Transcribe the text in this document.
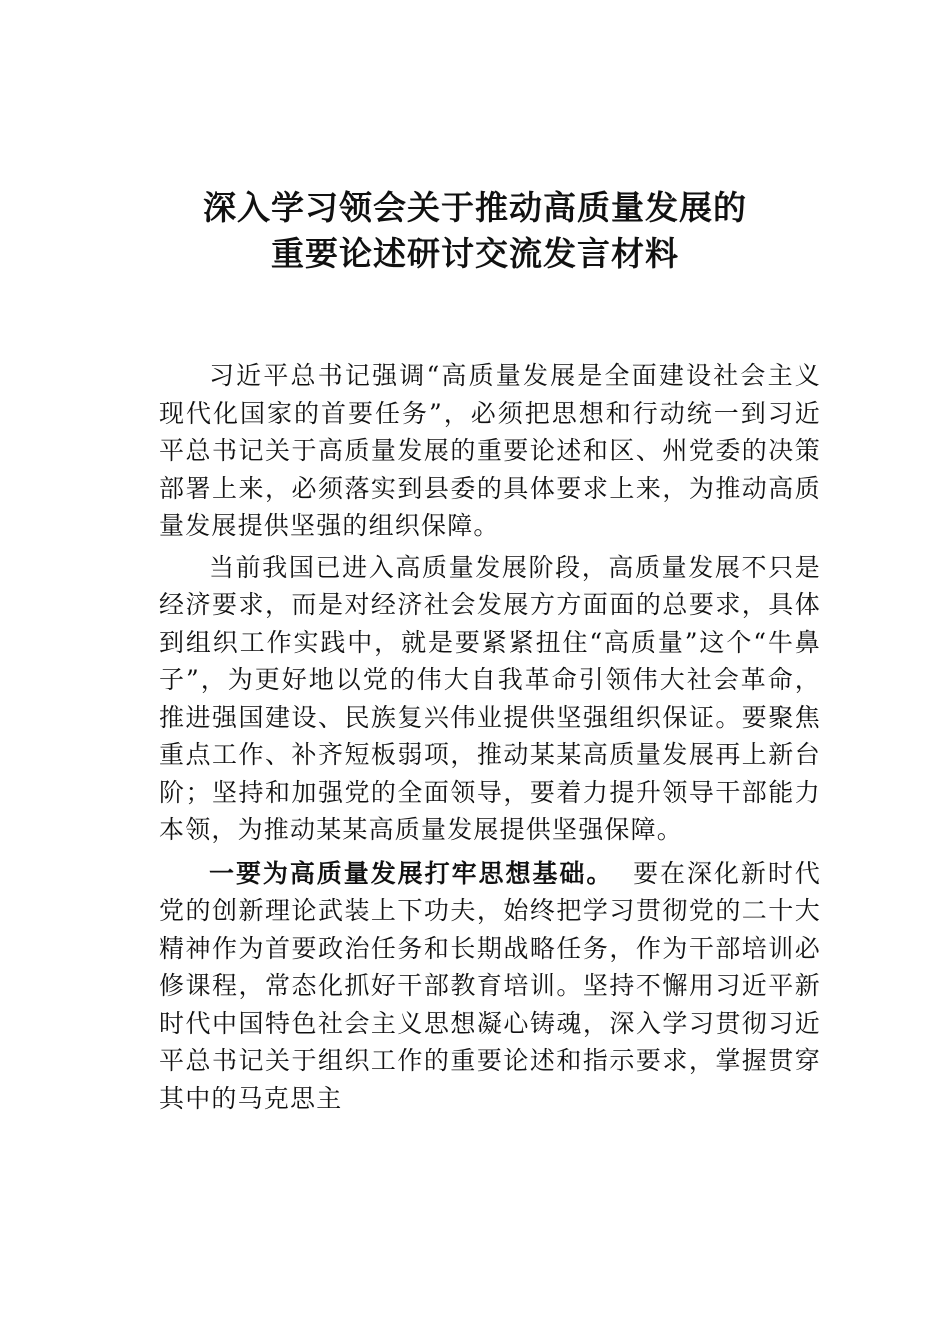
深入学习领会关于推动高质量发展的
重要论述研讨交流发言材料

习近平总书记强调“高质量发展是全面建设社会主义现代化国家的首要任务”，必须把思想和行动统一到习近平总书记关于高质量发展的重要论述和区、州党委的决策部署上来，必须落实到县委的具体要求上来，为推动高质量发展提供坚强的组织保障。

当前我国已进入高质量发展阶段，高质量发展不只是经济要求，而是对经济社会发展方方面面的总要求，具体到组织工作实践中，就是要紧紧扭住“高质量”这个“牛鼻子”，为更好地以党的伟大自我革命引领伟大社会革命，推进强国建设、民族复兴伟业提供坚强组织保证。要聚焦重点工作、补齐短板弱项，推动某某高质量发展再上新台阶；坚持和加强党的全面领导，要着力提升领导干部能力本领，为推动某某高质量发展提供坚强保障。

一要为高质量发展打牢思想基础。 要在深化新时代党的创新理论武装上下功夫，始终把学习贯彻党的二十大精神作为首要政治任务和长期战略任务，作为干部培训必修课程，常态化抓好干部教育培训。坚持不懈用习近平新时代中国特色社会主义思想凝心铸魂，深入学习贯彻习近平总书记关于组织工作的重要论述和指示要求，掌握贯穿其中的马克思主
